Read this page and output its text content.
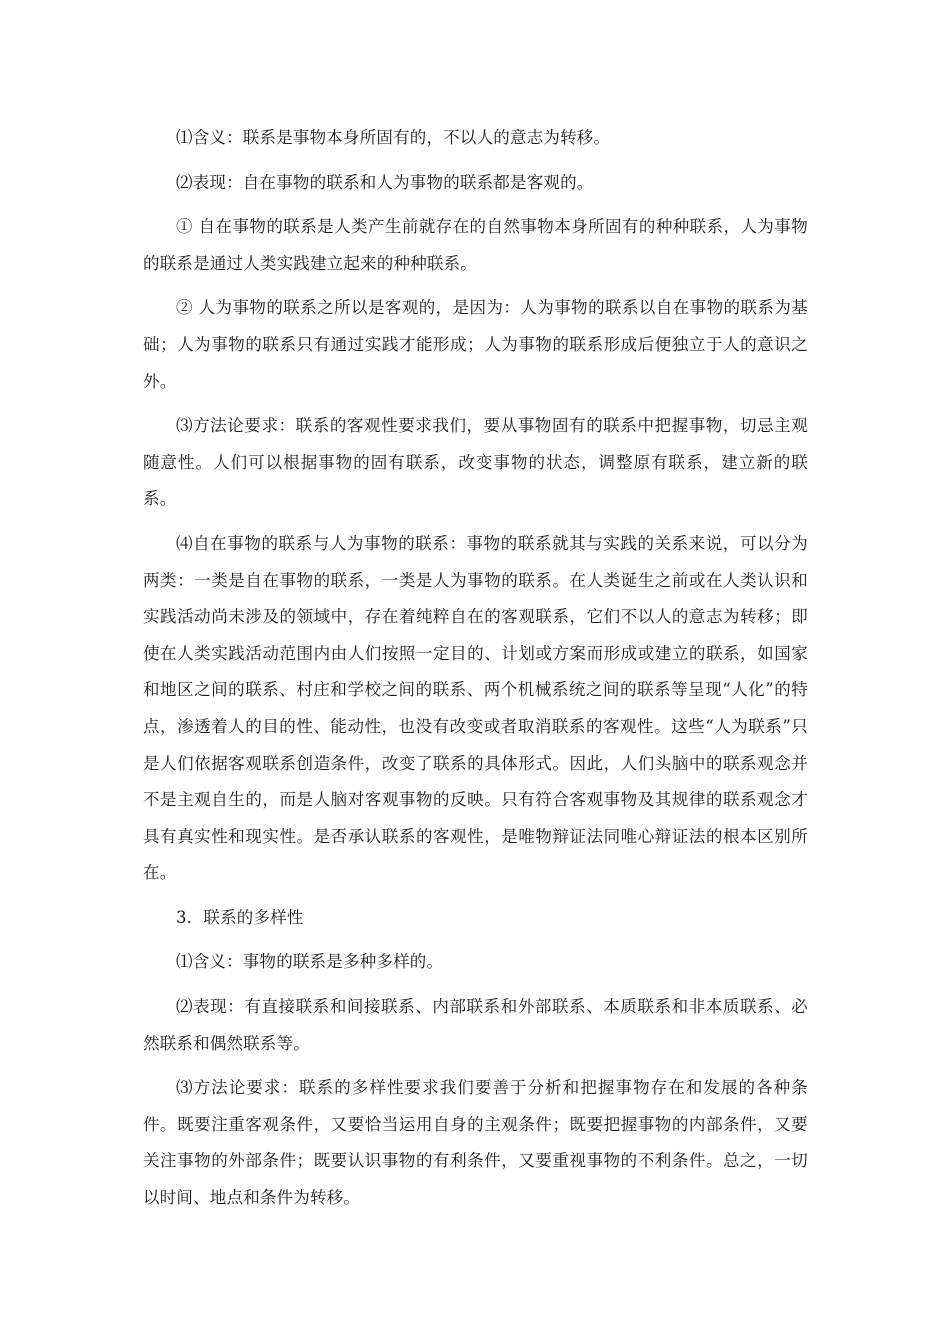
⑴含义：联系是事物本身所固有的，不以人的意志为转移。

⑵表现：自在事物的联系和人为事物的联系都是客观的。

① 自在事物的联系是人类产生前就存在的自然事物本身所固有的种种联系，人为事物的联系是通过人类实践建立起来的种种联系。

② 人为事物的联系之所以是客观的，是因为：人为事物的联系以自在事物的联系为基础；人为事物的联系只有通过实践才能形成；人为事物的联系形成后便独立于人的意识之外。

⑶方法论要求：联系的客观性要求我们，要从事物固有的联系中把握事物，切忌主观随意性。人们可以根据事物的固有联系，改变事物的状态，调整原有联系，建立新的联系。

⑷自在事物的联系与人为事物的联系：事物的联系就其与实践的关系来说，可以分为两类：一类是自在事物的联系，一类是人为事物的联系。在人类诞生之前或在人类认识和实践活动尚未涉及的领域中，存在着纯粹自在的客观联系，它们不以人的意志为转移；即使在人类实践活动范围内由人们按照一定目的、计划或方案而形成或建立的联系，如国家和地区之间的联系、村庄和学校之间的联系、两个机械系统之间的联系等呈现“人化”的特点，渗透着人的目的性、能动性，也没有改变或者取消联系的客观性。这些“人为联系”只是人们依据客观联系创造条件，改变了联系的具体形式。因此，人们头脑中的联系观念并不是主观自生的，而是人脑对客观事物的反映。只有符合客观事物及其规律的联系观念才具有真实性和现实性。是否承认联系的客观性，是唯物辩证法同唯心辩证法的根本区别所在。

3．联系的多样性

⑴含义：事物的联系是多种多样的。

⑵表现：有直接联系和间接联系、内部联系和外部联系、本质联系和非本质联系、必然联系和偶然联系等。

⑶方法论要求：联系的多样性要求我们要善于分析和把握事物存在和发展的各种条件。既要注重客观条件，又要恰当运用自身的主观条件；既要把握事物的内部条件，又要关注事物的外部条件；既要认识事物的有利条件，又要重视事物的不利条件。总之，一切以时间、地点和条件为转移。
